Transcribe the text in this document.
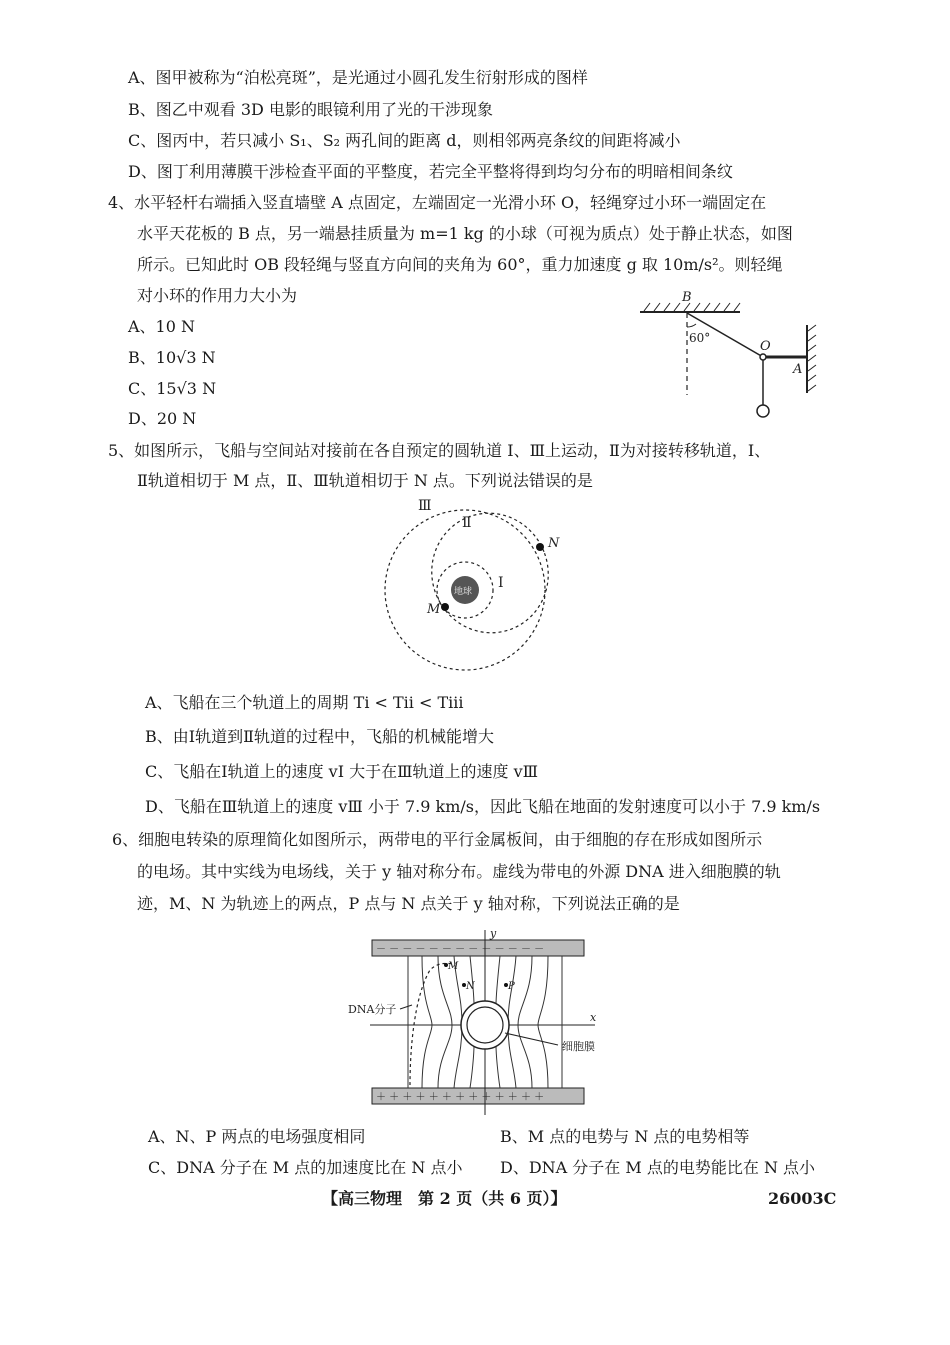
A、图甲被称为“泊松亮斑”，是光通过小圆孔发生衍射形成的图样
B、图乙中观看 3D 电影的眼镜利用了光的干涉现象
C、图丙中，若只减小 S₁、S₂ 两孔间的距离 d，则相邻两亮条纹的间距将减小
D、图丁利用薄膜干涉检查平面的平整度，若完全平整将得到均匀分布的明暗相间条纹
4、水平轻杆右端插入竖直墙壁 A 点固定，左端固定一光滑小环 O，轻绳穿过小环一端固定在
水平天花板的 B 点，另一端悬挂质量为 m=1 kg 的小球（可视为质点）处于静止状态，如图
所示。已知此时 OB 段轻绳与竖直方向间的夹角为 60°，重力加速度 g 取 10m/s²。则轻绳
对小环的作用力大小为
A、10 N
B、10√3 N
C、15√3 N
D、20 N
B
60°
O
A
5、如图所示，飞船与空间站对接前在各自预定的圆轨道 Ⅰ、Ⅲ上运动，Ⅱ为对接转移轨道，Ⅰ、
Ⅱ轨道相切于 M 点，Ⅱ、Ⅲ轨道相切于 N 点。下列说法错误的是
地球
N
M
Ⅲ
Ⅱ
Ⅰ
A、飞船在三个轨道上的周期 Tⅰ < Tⅱ < Tⅲ
B、由Ⅰ轨道到Ⅱ轨道的过程中，飞船的机械能增大
C、飞船在Ⅰ轨道上的速度 vⅠ 大于在Ⅲ轨道上的速度 vⅢ
D、飞船在Ⅲ轨道上的速度 vⅢ 小于 7.9 km/s，因此飞船在地面的发射速度可以小于 7.9 km/s
6、细胞电转染的原理简化如图所示，两带电的平行金属板间，由于细胞的存在形成如图所示
的电场。其中实线为电场线，关于 y 轴对称分布。虚线为带电的外源 DNA 进入细胞膜的轨
迹，M、N 为轨迹上的两点，P 点与 N 点关于 y 轴对称，下列说法正确的是
－ － － － － － － － － － － － －
＋ ＋ ＋ ＋ ＋ ＋ ＋ ＋ ＋ ＋ ＋ ＋ ＋
y
x
M
N	P
DNA分子
细胞膜
A、N、P 两点的电场强度相同	B、M 点的电势与 N 点的电势相等
C、DNA 分子在 M 点的加速度比在 N 点小 D、DNA 分子在 M 点的电势能比在 N 点小
【高三物理　第 2 页（共 6 页）】	26003C
